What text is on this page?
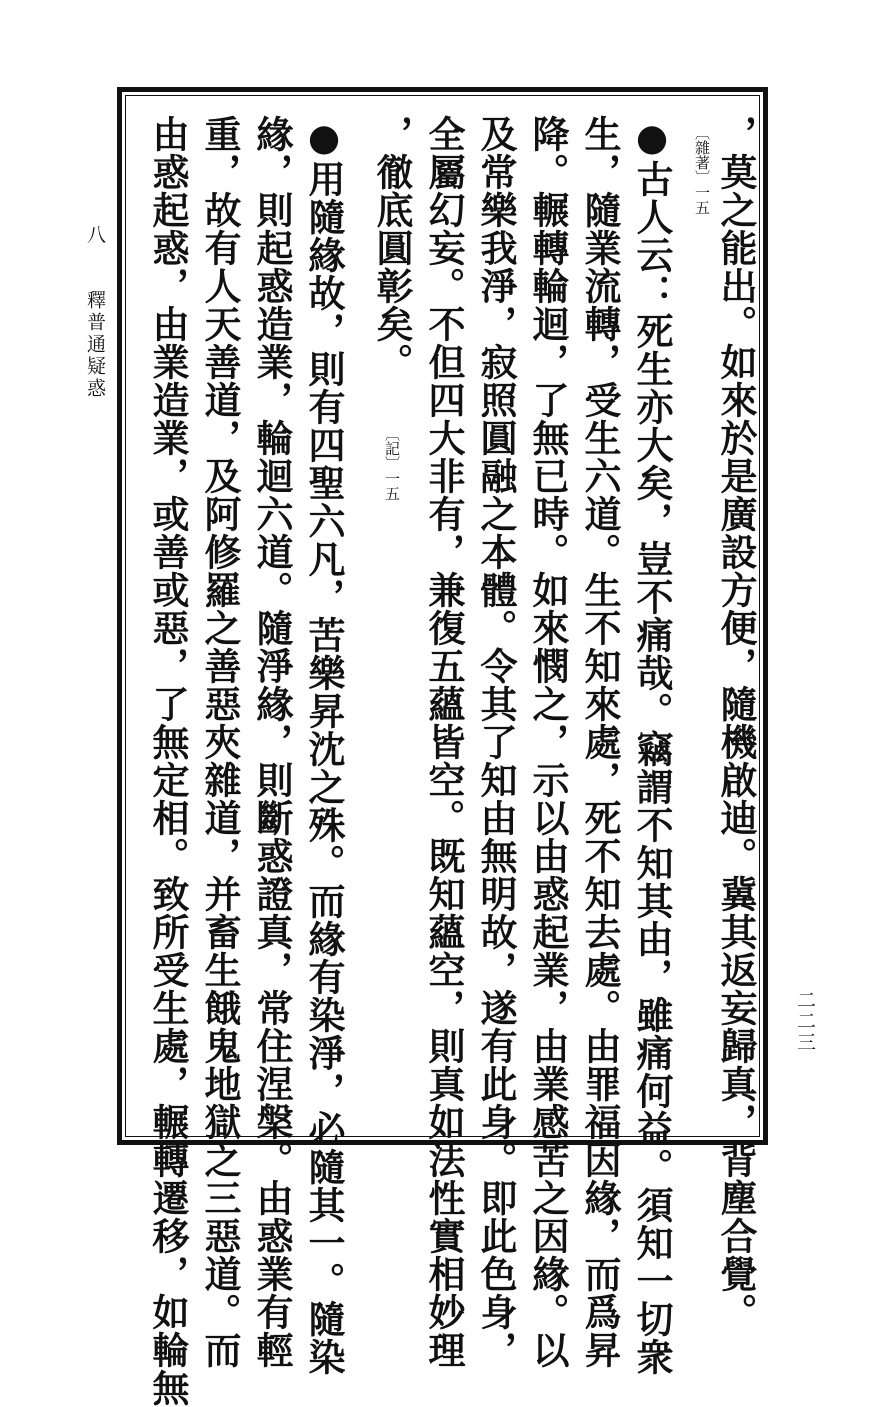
八 釋普通疑惑
二二三
，莫之能出。如來於是廣設方便，隨機啟迪。冀其返妄歸真，背塵合覺。
〔雜著〕一五
●古人云：死生亦大矣，豈不痛哉。竊謂不知其由，雖痛何益。須知一切衆
生，隨業流轉，受生六道。生不知來處，死不知去處。由罪福因緣，而爲昇
降。輾轉輪迴，了無已時。如來憫之，示以由惑起業，由業感苦之因緣。以
及常樂我淨，寂照圓融之本體。令其了知由無明故，遂有此身。即此色身，
全屬幻妄。不但四大非有，兼復五蘊皆空。既知蘊空，則真如法性實相妙理
，徹底圓彰矣。 〔記〕一五
●用隨緣故，則有四聖六凡，苦樂昇沈之殊。而緣有染淨，必隨其一。隨染
緣，則起惑造業，輪迴六道。隨淨緣，則斷惑證真，常住涅槃。由惑業有輕
重，故有人天善道，及阿修羅之善惡夾雜道，并畜生餓鬼地獄之三惡道。而
由惑起惑，由業造業，或善或惡，了無定相。致所受生處，輾轉遷移，如輪無
